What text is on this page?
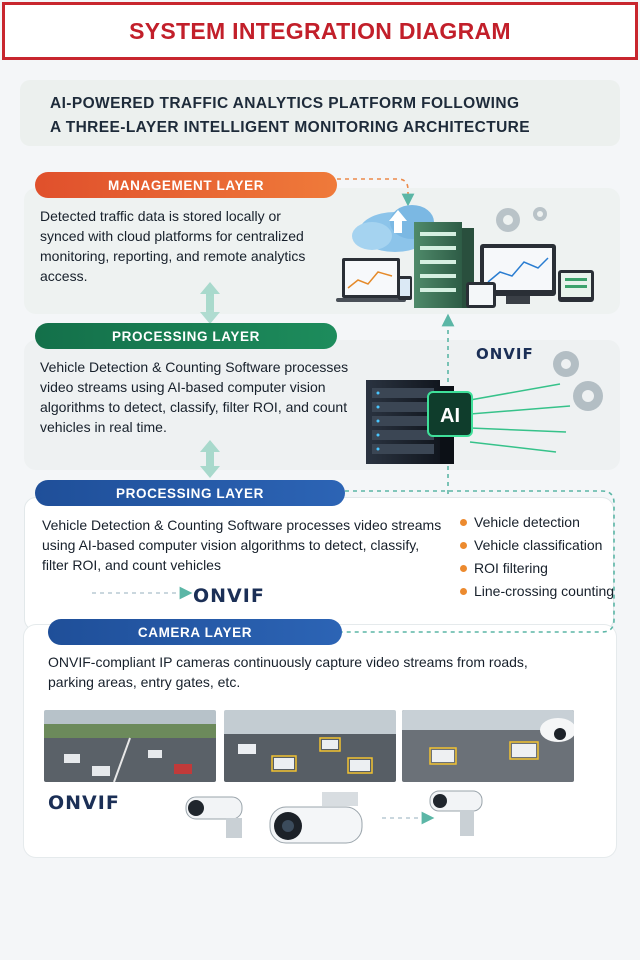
SYSTEM INTEGRATION DIAGRAM

AI-POWERED TRAFFIC ANALYTICS PLATFORM FOLLOWING

A THREE-LAYER INTELLIGENT MONITORING ARCHITECTURE

AI
MANAGEMENT LAYER
PROCESSING LAYER
PROCESSING LAYER
CAMERA LAYER

Detected traffic data is stored locally or synced with cloud platforms for centralized monitoring, reporting, and remote analytics access.

Vehicle Detection & Counting Software processes video streams using AI-based computer vision algorithms to detect, classify, filter ROI, and count vehicles in real time.

Vehicle Detection & Counting Software processes video streams using AI-based computer vision algorithms to detect, classify, filter ROI, and count vehicles

ONVIF-compliant IP cameras continuously capture video streams from roads, parking areas, entry gates, etc.

Vehicle detection
Vehicle classification
ROI filtering
Line-crossing counting
ONVIF
ONVIF
ONVIF
